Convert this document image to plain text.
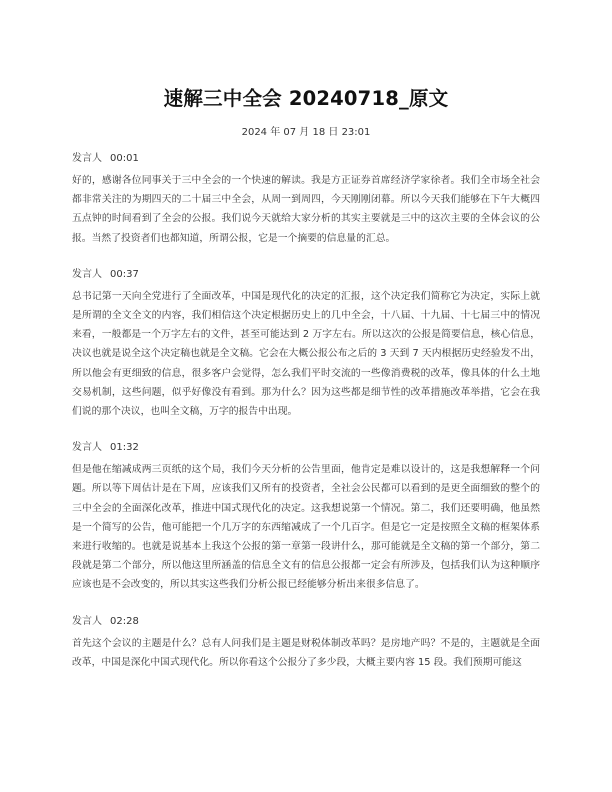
速解三中全会 20240718_原文
2024 年 07 月 18 日 23:01
发言人 00:01

好的，感谢各位同事关于三中全会的一个快速的解读。我是方正证券首席经济学家徐者。我们全市场全社会都非常关注的为期四天的二十届三中全会，从周一到周四，今天刚刚闭幕。所以今天我们能够在下午大概四五点钟的时间看到了全会的公报。我们说今天就给大家分析的其实主要就是三中的这次主要的全体会议的公报。当然了投资者们也都知道，所谓公报，它是一个摘要的信息量的汇总。

发言人 00:37

总书记第一天向全党进行了全面改革，中国是现代化的决定的汇报，这个决定我们简称它为决定，实际上就是所谓的全文全文的内容，我们相信这个决定根据历史上的几中全会，十八届、十九届、十七届三中的情况来看，一般都是一个万字左右的文件，甚至可能达到 2 万字左右。所以这次的公报是简要信息，核心信息，决议也就是说全这个决定稿也就是全文稿。它会在大概公报公布之后的 3 天到 7 天内根据历史经验发不出，所以他会有更细致的信息，很多客户会觉得，怎么我们平时交流的一些像消费税的改革，像具体的什么土地交易机制，这些问题，似乎好像没有看到。那为什么？因为这些都是细节性的改革措施改革举措，它会在我们说的那个决议，也叫全文稿，万字的报告中出现。

发言人 01:32

但是他在缩减成两三页纸的这个局，我们今天分析的公告里面，他肯定是难以设计的，这是我想解释一个问题。所以等下周估计是在下周，应该我们又所有的投资者，全社会公民都可以看到的是更全面细致的整个的三中全会的全面深化改革，推进中国式现代化的决定。这我想说第一个情况。第二，我们还要明确，他虽然是一个简写的公告，他可能把一个几万字的东西缩减成了一个几百字。但是它一定是按照全文稿的框架体系来进行收缩的。也就是说基本上我这个公报的第一章第一段讲什么，那可能就是全文稿的第一个部分，第二段就是第二个部分，所以他这里所涵盖的信息全文有的信息公报都一定会有所涉及，包括我们认为这种顺序应该也是不会改变的，所以其实这些我们分析公报已经能够分析出来很多信息了。

发言人 02:28

首先这个会议的主题是什么？总有人问我们是主题是财税体制改革吗？是房地产吗？不是的，主题就是全面改革，中国是深化中国式现代化。所以你看这个公报分了多少段，大概主要内容 15 段。我们预期可能这
